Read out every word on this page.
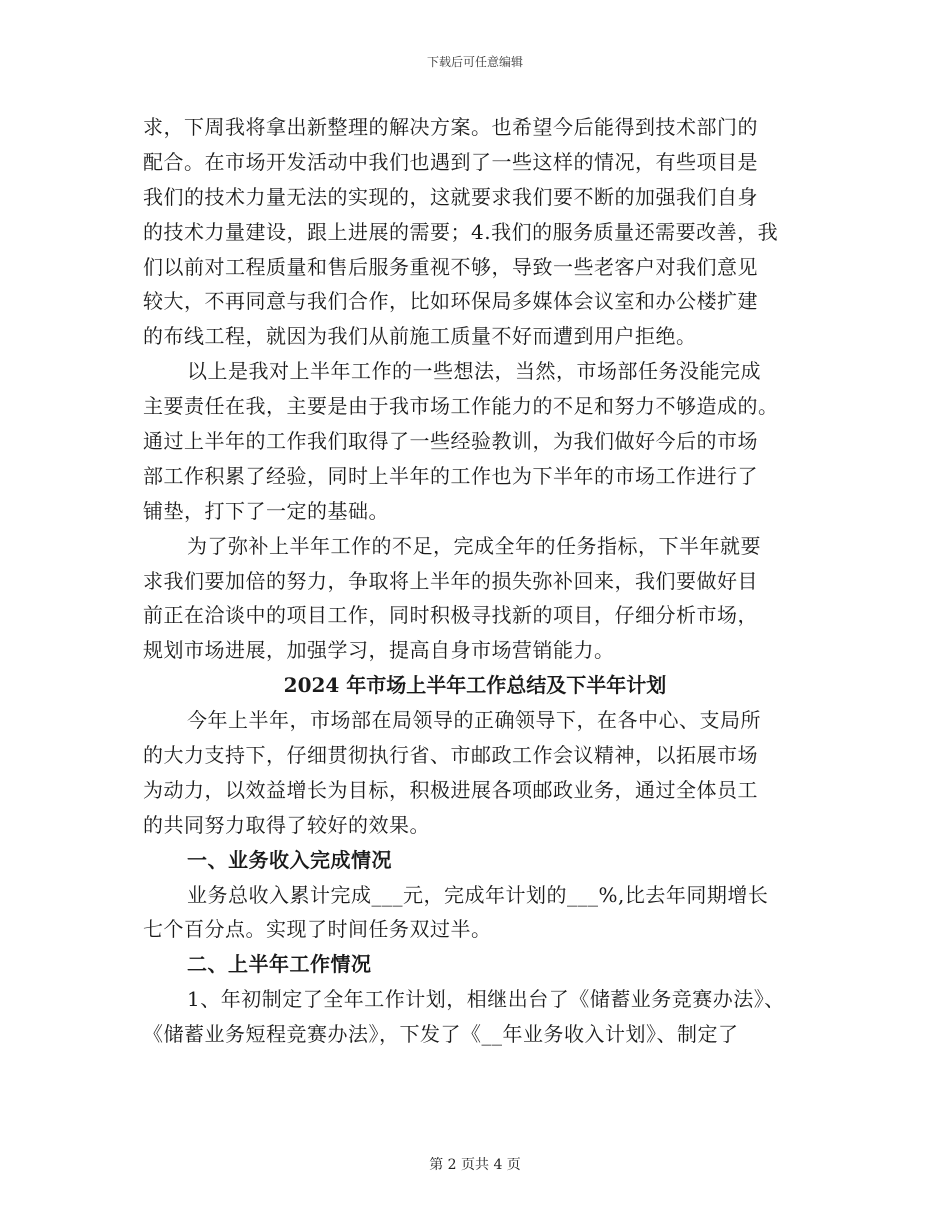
下载后可任意编辑
求，下周我将拿出新整理的解决方案。也希望今后能得到技术部门的
配合。在市场开发活动中我们也遇到了一些这样的情况，有些项目是
我们的技术力量无法的实现的，这就要求我们要不断的加强我们自身
的技术力量建设，跟上进展的需要；4.我们的服务质量还需要改善，我
们以前对工程质量和售后服务重视不够，导致一些老客户对我们意见
较大，不再同意与我们合作，比如环保局多媒体会议室和办公楼扩建
的布线工程，就因为我们从前施工质量不好而遭到用户拒绝。
以上是我对上半年工作的一些想法，当然，市场部任务没能完成
主要责任在我，主要是由于我市场工作能力的不足和努力不够造成的。
通过上半年的工作我们取得了一些经验教训，为我们做好今后的市场
部工作积累了经验，同时上半年的工作也为下半年的市场工作进行了
铺垫，打下了一定的基础。
为了弥补上半年工作的不足，完成全年的任务指标，下半年就要
求我们要加倍的努力，争取将上半年的损失弥补回来，我们要做好目
前正在洽谈中的项目工作，同时积极寻找新的项目，仔细分析市场，
规划市场进展，加强学习，提高自身市场营销能力。
2024 年市场上半年工作总结及下半年计划
今年上半年，市场部在局领导的正确领导下，在各中心、支局所
的大力支持下，仔细贯彻执行省、市邮政工作会议精神，以拓展市场
为动力，以效益增长为目标，积极进展各项邮政业务，通过全体员工
的共同努力取得了较好的效果。
一、业务收入完成情况
业务总收入累计完成___元，完成年计划的___%,比去年同期增长
七个百分点。实现了时间任务双过半。
二、上半年工作情况
1、年初制定了全年工作计划，相继出台了《储蓄业务竞赛办法》、
《储蓄业务短程竞赛办法》，下发了《__年业务收入计划》、制定了
第 2 页共 4 页
